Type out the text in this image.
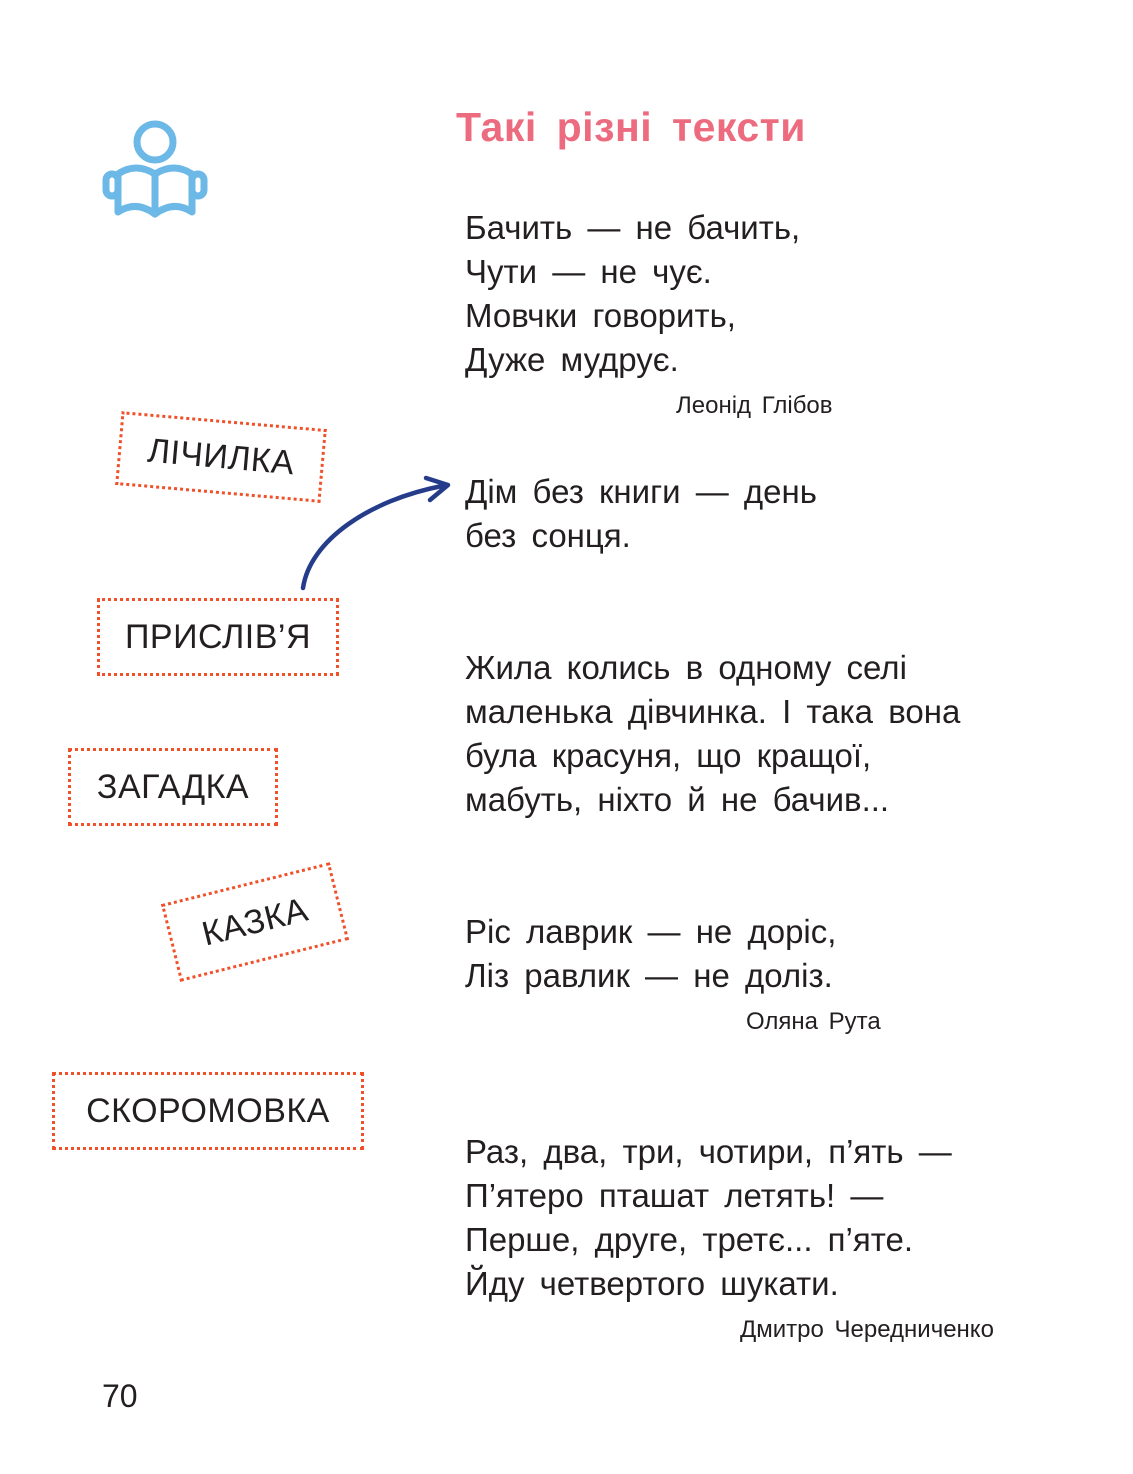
Такі різні тексти
ЛІЧИЛКА
ПРИСЛІВ’Я
ЗАГАДКА
КАЗКА
СКОРОМОВКА
Бачить — не бачить,
Чути — не чує.
Мовчки говорить,
Дуже мудрує.
Леонід Глібов
Дім без книги — день
без сонця.
Жила колись в одному селі
маленька дівчинка. І така вона
була красуня, що кращої,
мабуть, ніхто й не бачив...
Ріс лаврик — не доріс,
Ліз равлик — не доліз.
Оляна Рута
Раз, два, три, чотири, п’ять —
П’ятеро пташат летять! —
Перше, друге, третє... п’яте.
Йду четвертого шукати.
Дмитро Чередниченко
70
